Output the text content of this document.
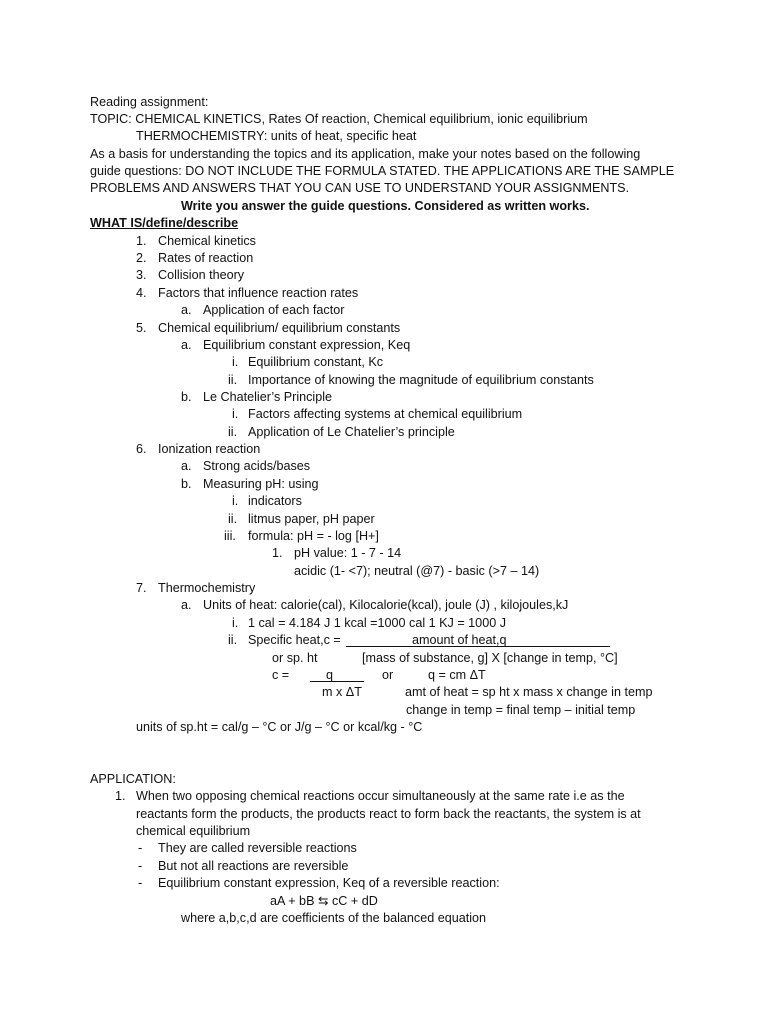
Reading assignment:
TOPIC: CHEMICAL KINETICS, Rates Of reaction, Chemical equilibrium, ionic equilibrium
THERMOCHEMISTRY: units of heat, specific heat
As a basis for understanding the topics and its application, make your notes based on the following
guide questions: DO NOT INCLUDE THE FORMULA STATED. THE APPLICATIONS ARE THE SAMPLE
PROBLEMS AND ANSWERS THAT YOU CAN USE TO UNDERSTAND YOUR ASSIGNMENTS.
Write you answer the guide questions. Considered as written works.
WHAT IS/define/describe
1. Chemical kinetics
2. Rates of reaction
3. Collision theory
4. Factors that influence reaction rates
a. Application of each factor
5. Chemical equilibrium/ equilibrium constants
a. Equilibrium constant expression, Keq
i. Equilibrium constant, Kc
ii. Importance of knowing the magnitude of equilibrium constants
b. Le Chatelier’s Principle
i. Factors affecting systems at chemical equilibrium
ii. Application of Le Chatelier’s principle
6. Ionization reaction
a. Strong acids/bases
b. Measuring pH: using
i. indicators
ii. litmus paper, pH paper
iii. formula: pH = - log [H+]
1. pH value: 1 - 7 - 14
acidic (1- <7); neutral (@7) - basic (>7 – 14)
7. Thermochemistry
a. Units of heat: calorie(cal), Kilocalorie(kcal), joule (J) , kilojoules,kJ
i. 1 cal = 4.184 J 1 kcal =1000 cal 1 KJ = 1000 J
ii. Specific heat,c =	amount of heat,q
or sp. ht	[mass of substance, g] X [change in temp, °C]
c =	q	or	q = cm ΔT
m x ΔT	amt of heat = sp ht x mass x change in temp
change in temp = final temp – initial temp
units of sp.ht = cal/g – °C or J/g – °C or kcal/kg - °C
APPLICATION:
1. When two opposing chemical reactions occur simultaneously at the same rate i.e as the
reactants form the products, the products react to form back the reactants, the system is at
chemical equilibrium
- They are called reversible reactions
- But not all reactions are reversible
- Equilibrium constant expression, Keq of a reversible reaction:
aA + bB ⇆ cC + dD
where a,b,c,d are coefficients of the balanced equation
